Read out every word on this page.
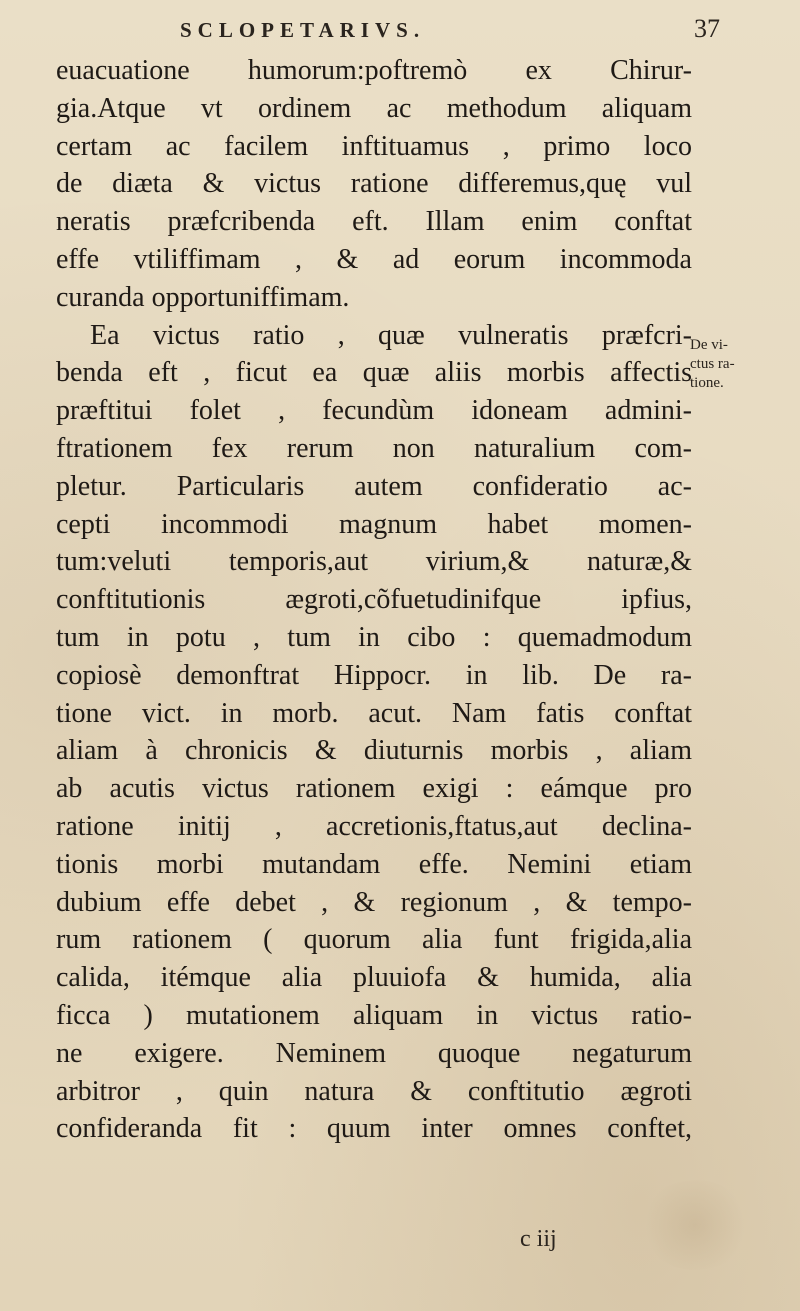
SCLOPETARIVS.	37
euacuatione humorum:poftremò ex Chirur-
gia.Atque vt ordinem ac methodum aliquam
certam ac facilem inftituamus , primo loco
de diæta & victus ratione differemus,quę vul
neratis præfcribenda eft. Illam enim conftat
effe vtiliffimam , & ad eorum incommoda
curanda opportuniffimam.
Ea victus ratio , quæ vulneratis præfcri-
benda eft , ficut ea quæ aliis morbis affectis
præftitui folet , fecundùm idoneam admini-
ftrationem fex rerum non naturalium com-
pletur. Particularis autem confideratio ac-
cepti incommodi magnum habet momen-
tum:veluti temporis,aut virium,& naturæ,&
conftitutionis ægroti,cõfuetudinifque ipfius,
tum in potu , tum in cibo : quemadmodum
copiosè demonftrat Hippocr. in lib. De ra-
tione vict. in morb. acut. Nam fatis conftat
aliam à chronicis & diuturnis morbis , aliam
ab acutis victus rationem exigi : eámque pro
ratione initij , accretionis,ftatus,aut declina-
tionis morbi mutandam effe. Nemini etiam
dubium effe debet , & regionum , & tempo-
rum rationem ( quorum alia funt frigida,alia
calida, itémque alia pluuiofa & humida, alia
ficca ) mutationem aliquam in victus ratio-
ne exigere. Neminem quoque negaturum
arbitror , quin natura & conftitutio ægroti
confideranda fit : quum inter omnes conftet,
De vi-
ctus ra-
tione.
c iij
